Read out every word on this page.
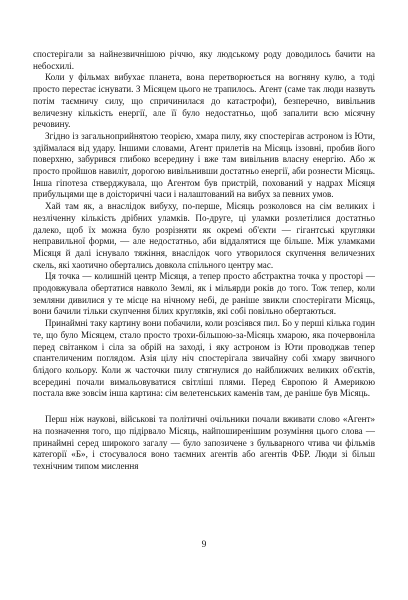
спостерігали за найнезвичнішою річчю, яку людському роду доводилось бачити на небосхилі.

Коли у фільмах вибухає планета, вона перетворюється на вогняну кулю, а тоді просто перестає існувати. З Місяцем цього не трапилось. Агент (саме так люди назвуть потім таємничу силу, що спричинилася до катастрофи), безперечно, вивільнив величезну кількість енергії, але її було недостатньо, щоб запалити всю місячну речовину.

Згідно із загальноприйнятою теорією, хмара пилу, яку спостерігав астроном із Юти, здіймалася від удару. Іншими словами, Агент прилетів на Місяць іззовні, пробив його поверхню, забурився глибоко всередину і вже там вивільнив власну енергію. Або ж просто пройшов навиліт, дорогою вивільнивши достатньо енергії, аби рознести Місяць. Інша гіпотеза стверджувала, що Агентом був пристрій, похований у надрах Місяця прибульцями ще в доісторичні часи і налаштований на вибух за певних умов.

Хай там як, а внаслідок вибуху, по-перше, Місяць розколовся на сім великих і незліченну кількість дрібних уламків. По-друге, ці уламки розлетілися достатньо далеко, щоб їх можна було розрізняти як окремі об'єкти — гігантські кругляки неправильної форми, — але недостатньо, аби віддалятися ще більше. Між уламками Місяця й далі існувало тяжіння, внаслідок чого утворилося скупчення величезних скель, які хаотично обертались довкола спільного центру мас.

Ця точка — колишній центр Місяця, а тепер просто абстрактна точка у просторі — продовжувала обертатися навколо Землі, як і мільярди років до того. Тож тепер, коли земляни дивилися у те місце на нічному небі, де раніше звикли спостерігати Місяць, вони бачили тільки скупчення білих кругляків, які собі повільно обертаються.

Принаймні таку картину вони побачили, коли розсіявся пил. Бо у перші кілька годин те, що було Місяцем, стало просто трохи-більшою-за-Місяць хмарою, яка почервоніла перед світанком і сіла за обрій на заході, і яку астроном із Юти проводжав тепер спантеличеним поглядом. Азія цілу ніч спостерігала звичайну собі хмару звичного блідого кольору. Коли ж часточки пилу стягнулися до найближчих великих об'єктів, всередині почали вимальовуватися світліші плями. Перед Європою й Америкою постала вже зовсім інша картина: сім велетенських каменів там, де раніше був Місяць.

Перш ніж наукові, військові та політичні очільники почали вживати слово «Агент» на позначення того, що підірвало Місяць, найпоширенішим розуміння цього слова — принаймні серед широкого загалу — було запозичене з бульварного чтива чи фільмів категорії «Б», і стосувалося воно таємних агентів або агентів ФБР. Люди зі більш технічним типом мислення

9
